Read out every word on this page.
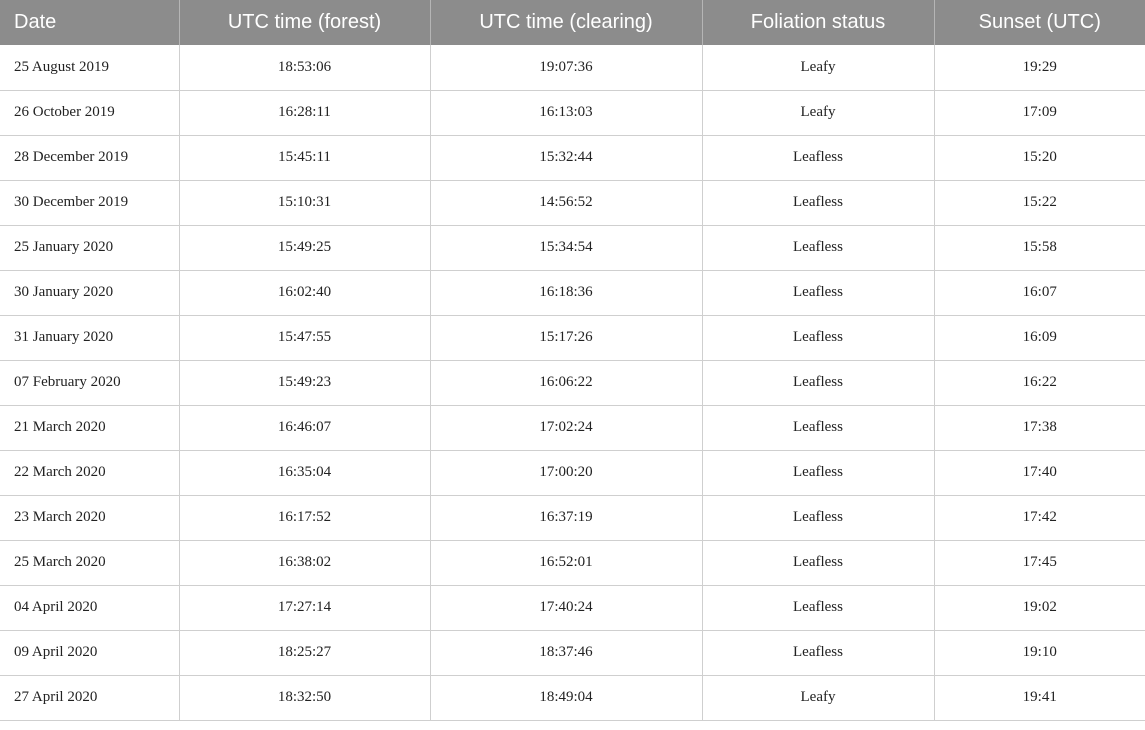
Date	UTC time (forest)	UTC time (clearing)	Foliation status	Sunset (UTC)
25 August 2019	18:53:06	19:07:36	Leafy	19:29
26 October 2019	16:28:11	16:13:03	Leafy	17:09
28 December 2019	15:45:11	15:32:44	Leafless	15:20
30 December 2019	15:10:31	14:56:52	Leafless	15:22
25 January 2020	15:49:25	15:34:54	Leafless	15:58
30 January 2020	16:02:40	16:18:36	Leafless	16:07
31 January 2020	15:47:55	15:17:26	Leafless	16:09
07 February 2020	15:49:23	16:06:22	Leafless	16:22
21 March 2020	16:46:07	17:02:24	Leafless	17:38
22 March 2020	16:35:04	17:00:20	Leafless	17:40
23 March 2020	16:17:52	16:37:19	Leafless	17:42
25 March 2020	16:38:02	16:52:01	Leafless	17:45
04 April 2020	17:27:14	17:40:24	Leafless	19:02
09 April 2020	18:25:27	18:37:46	Leafless	19:10
27 April 2020	18:32:50	18:49:04	Leafy	19:41
